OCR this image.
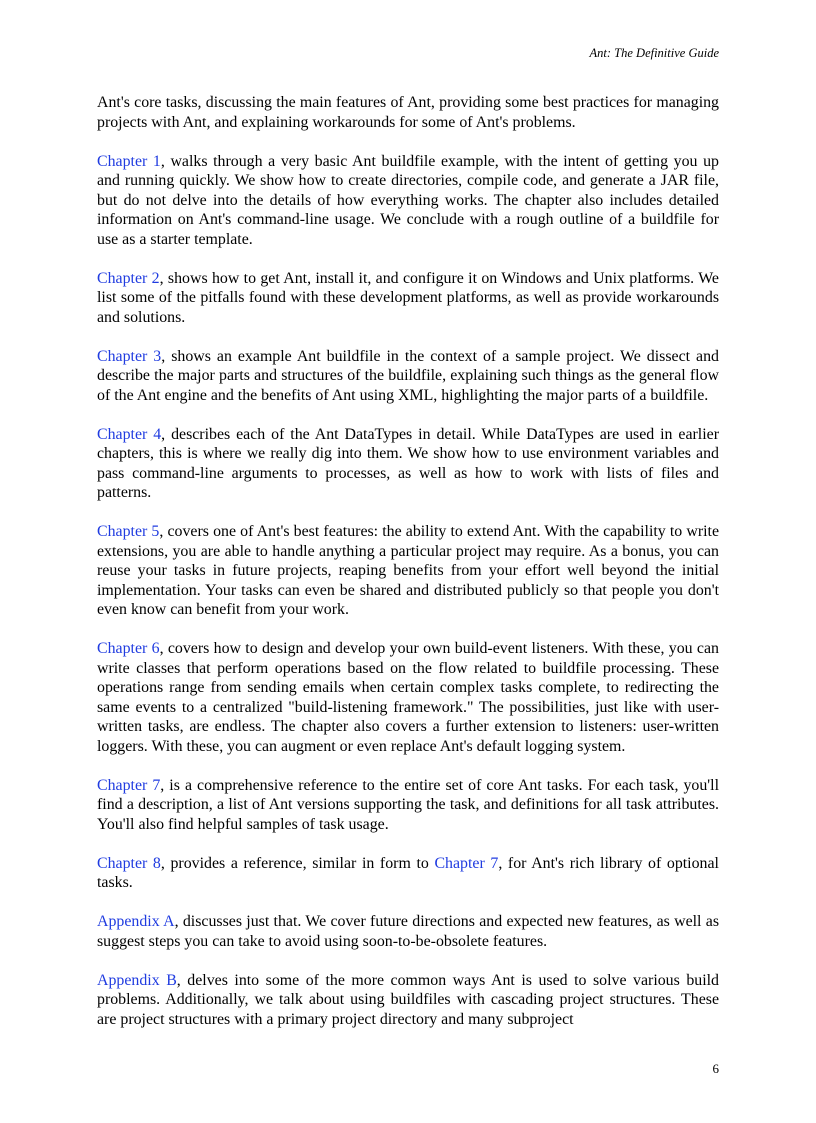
Ant: The Definitive Guide

Ant's core tasks, discussing the main features of Ant, providing some best practices for managing projects with Ant, and explaining workarounds for some of Ant's problems.

Chapter 1, walks through a very basic Ant buildfile example, with the intent of getting you up and running quickly. We show how to create directories, compile code, and generate a JAR file, but do not delve into the details of how everything works. The chapter also includes detailed information on Ant's command-line usage. We conclude with a rough outline of a buildfile for use as a starter template.

Chapter 2, shows how to get Ant, install it, and configure it on Windows and Unix platforms. We list some of the pitfalls found with these development platforms, as well as provide workarounds and solutions.

Chapter 3, shows an example Ant buildfile in the context of a sample project. We dissect and describe the major parts and structures of the buildfile, explaining such things as the general flow of the Ant engine and the benefits of Ant using XML, highlighting the major parts of a buildfile.

Chapter 4, describes each of the Ant DataTypes in detail. While DataTypes are used in earlier chapters, this is where we really dig into them. We show how to use environment variables and pass command-line arguments to processes, as well as how to work with lists of files and patterns.

Chapter 5, covers one of Ant's best features: the ability to extend Ant. With the capability to write extensions, you are able to handle anything a particular project may require. As a bonus, you can reuse your tasks in future projects, reaping benefits from your effort well beyond the initial implementation. Your tasks can even be shared and distributed publicly so that people you don't even know can benefit from your work.

Chapter 6, covers how to design and develop your own build-event listeners. With these, you can write classes that perform operations based on the flow related to buildfile processing. These operations range from sending emails when certain complex tasks complete, to redirecting the same events to a centralized "build-listening framework." The possibilities, just like with user-written tasks, are endless. The chapter also covers a further extension to listeners: user-written loggers. With these, you can augment or even replace Ant's default logging system.

Chapter 7, is a comprehensive reference to the entire set of core Ant tasks. For each task, you'll find a description, a list of Ant versions supporting the task, and definitions for all task attributes. You'll also find helpful samples of task usage.

Chapter 8, provides a reference, similar in form to Chapter 7, for Ant's rich library of optional tasks.

Appendix A, discusses just that. We cover future directions and expected new features, as well as suggest steps you can take to avoid using soon-to-be-obsolete features.

Appendix B, delves into some of the more common ways Ant is used to solve various build problems. Additionally, we talk about using buildfiles with cascading project structures. These are project structures with a primary project directory and many subproject

6
